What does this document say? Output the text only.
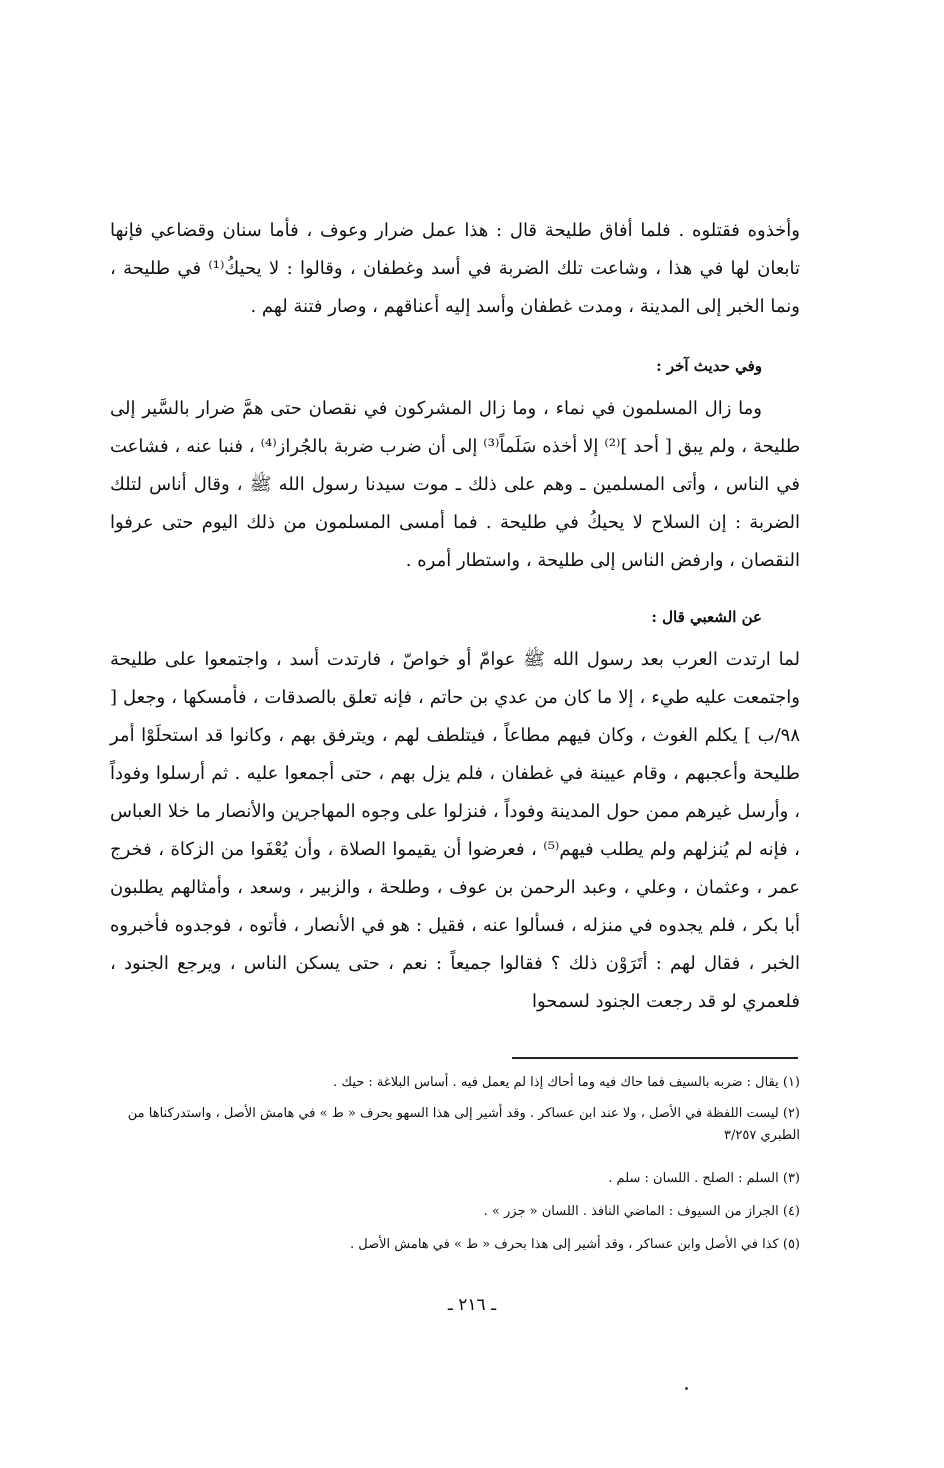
وأخذوه فقتلوه . فلما أفاق طليحة قال : هذا عمل ضرار وعوف ، فأما سنان وقضاعي فإنها تابعان لها في هذا ، وشاعت تلك الضربة في أسد وغطفان ، وقالوا : لا يحيكُ⁽¹⁾ في طليحة ، ونما الخبر إلى المدينة ، ومدت غطفان وأسد إليه أعناقهم ، وصار فتنة لهم .

وفي حديث آخر :

وما زال المسلمون في نماء ، وما زال المشركون في نقصان حتى همَّ ضرار بالسَّير إلى طليحة ، ولم يبق [ أحد ]⁽²⁾ إلا أخذه سَلَماً⁽³⁾ إلى أن ضرب ضربة بالجُراز⁽⁴⁾ ، فنبا عنه ، فشاعت في الناس ، وأتى المسلمين ـ وهم على ذلك ـ موت سيدنا رسول الله ﷺ ، وقال أناس لتلك الضربة : إن السلاح لا يحيكُ في طليحة . فما أمسى المسلمون من ذلك اليوم حتى عرفوا النقصان ، وارفض الناس إلى طليحة ، واستطار أمره .

عن الشعبي قال :

لما ارتدت العرب بعد رسول الله ﷺ عوامّ أو خواصّ ، فارتدت أسد ، واجتمعوا على طليحة واجتمعت عليه طيء ، إلا ما كان من عدي بن حاتم ، فإنه تعلق بالصدقات ، فأمسكها ، وجعل [ ٩٨/ب ] يكلم الغوث ، وكان فيهم مطاعاً ، فيتلطف لهم ، ويترفق بهم ، وكانوا قد استحلَوْا أمر طليحة وأعجبهم ، وقام عيينة في غطفان ، فلم يزل بهم ، حتى أجمعوا عليه . ثم أرسلوا وفوداً ، وأرسل غيرهم ممن حول المدينة وفوداً ، فنزلوا على وجوه المهاجرين والأنصار ما خلا العباس ، فإنه لم يُنزلهم ولم يطلب فيهم⁽⁵⁾ ، فعرضوا أن يقيموا الصلاة ، وأن يُعْفَوا من الزكاة ، فخرج عمر ، وعثمان ، وعلي ، وعبد الرحمن بن عوف ، وطلحة ، والزبير ، وسعد ، وأمثالهم يطلبون أبا بكر ، فلم يجدوه في منزله ، فسألوا عنه ، فقيل : هو في الأنصار ، فأتوه ، فوجدوه فأخبروه الخبر ، فقال لهم : أتَرَوْن ذلك ؟ فقالوا جميعاً : نعم ، حتى يسكن الناس ، ويرجع الجنود ، فلعمري لو قد رجعت الجنود لسمحوا

(١) يقال : ضربه بالسيف فما حاك فيه وما أحاك إذا لم يعمل فيه . أساس البلاغة : حيك .

(٢) ليست اللفظة في الأصل ، ولا عند ابن عساكر . وقد أشير إلى هذا السهو بحرف « ط » في هامش الأصل ، واستدركناها من الطبري ٣/٢٥٧

(٣) السلم : الصلح . اللسان : سلم .

(٤) الجراز من السيوف : الماضي النافذ . اللسان « جزر » .

(٥) كذا في الأصل وابن عساكر ، وقد أشير إلى هذا بحرف « ط » في هامش الأصل .

ـ ٢١٦ ـ
